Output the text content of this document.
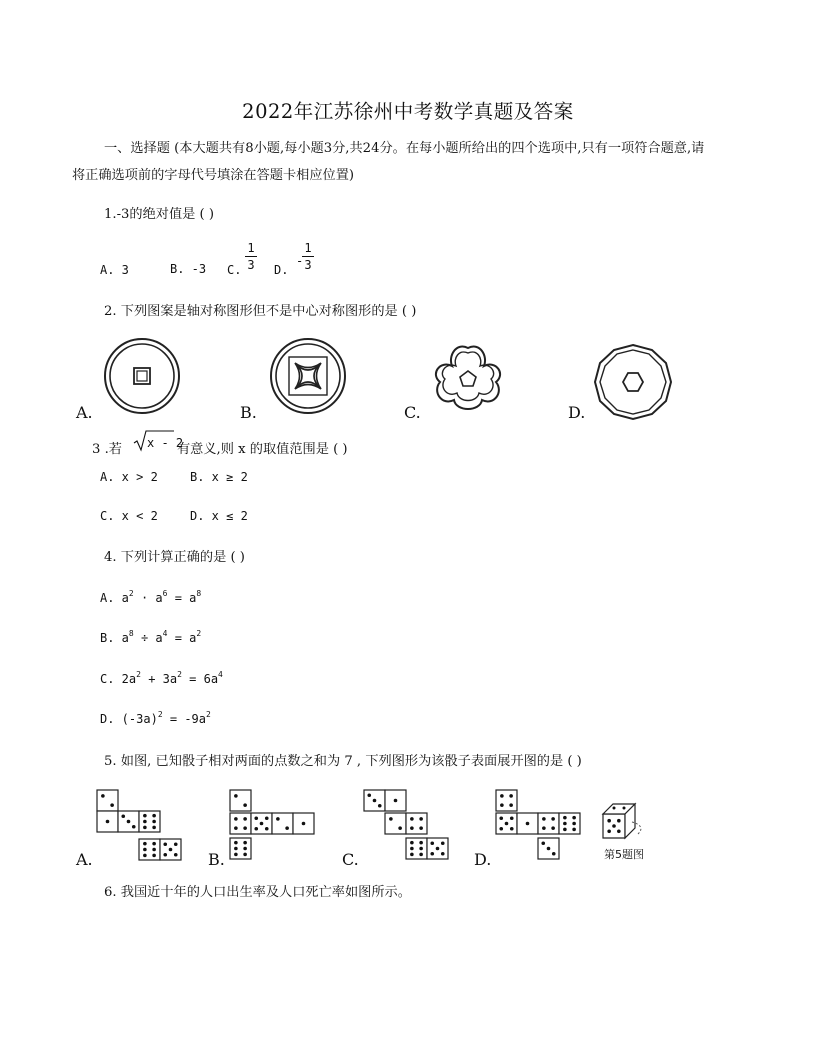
2022年江苏徐州中考数学真题及答案
一、选择题 (本大题共有8小题,每小题3分,共24分。在每小题所给出的四个选项中,只有一项符合题意,请
将正确选项前的字母代号填涂在答题卡相应位置)
1.-3的绝对值是 ( )
A. 3	B. -3 C.
1
3 D.
-
1
3
2. 下列图案是轴对称图形但不是中心对称图形的是 ( )
A.	B.	C.	D.
3 .若 x - 2
有意义,则 x 的取值范围是 ( )
A. x > 2	B. x ≥ 2
C. x < 2	D. x ≤ 2
4. 下列计算正确的是 ( )
A. $a^2 \cdot a^6 = a^8$
B. $a^8 \div a^4 = a^2$
C. $2a^2 + 3a^2 = 6a^4$
D. $(-3a)^2 = -9a^2$
5. 如图, 已知骰子相对两面的点数之和为 7 , 下列图形为该骰子表面展开图的是 ( )
A.	B.	C.	D.	第5题图
6. 我国近十年的人口出生率及人口死亡率如图所示。
